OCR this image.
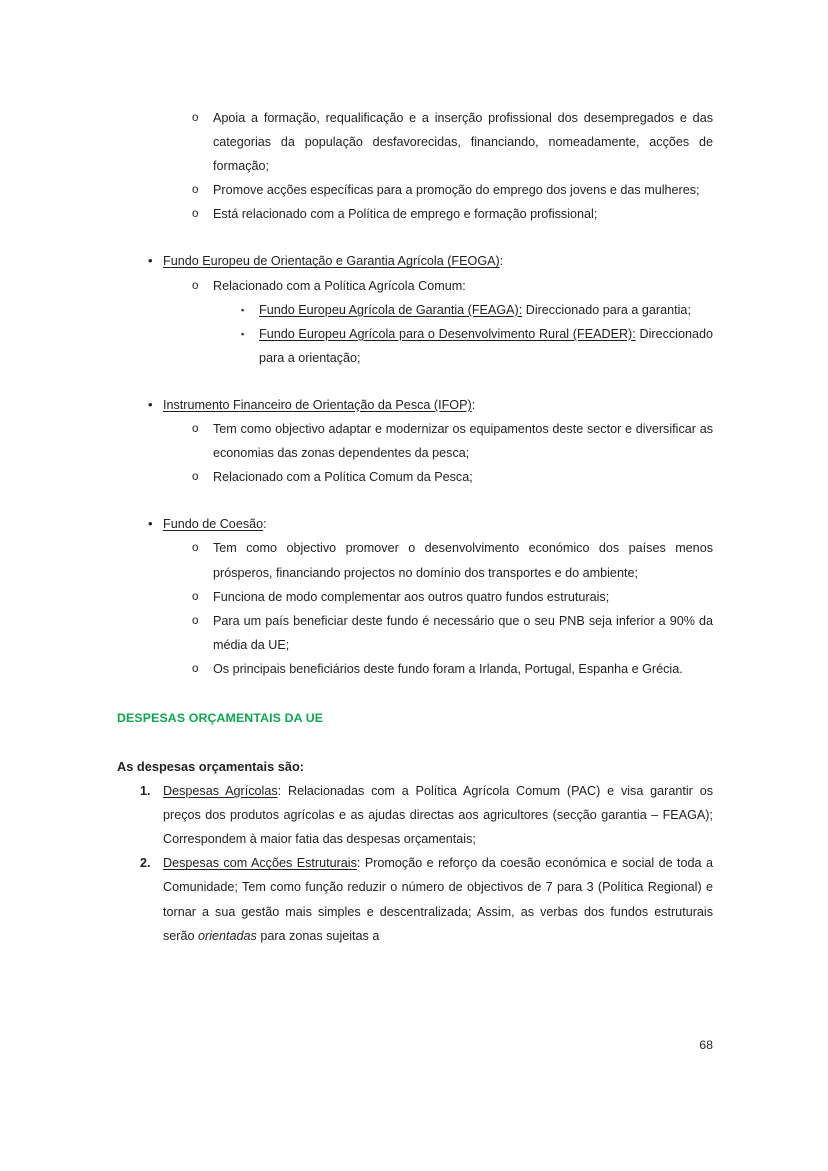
o	Apoia a formação, requalificação e a inserção profissional dos desempregados e das categorias da população desfavorecidas, financiando, nomeadamente, acções de formação;
o	Promove acções específicas para a promoção do emprego dos jovens e das mulheres;
o	Está relacionado com a Política de emprego e formação profissional;
• Fundo Europeu de Orientação e Garantia Agrícola (FEOGA):
o	Relacionado com a Política Agrícola Comum:
▪	Fundo Europeu Agrícola de Garantia (FEAGA): Direccionado para a garantia;
▪	Fundo Europeu Agrícola para o Desenvolvimento Rural (FEADER): Direccionado para a orientação;
• Instrumento Financeiro de Orientação da Pesca (IFOP):
o	Tem como objectivo adaptar e modernizar os equipamentos deste sector e diversificar as economias das zonas dependentes da pesca;
o	Relacionado com a Política Comum da Pesca;
• Fundo de Coesão:
o	Tem como objectivo promover o desenvolvimento económico dos países menos prósperos, financiando projectos no domínio dos transportes e do ambiente;
o	Funciona de modo complementar aos outros quatro fundos estruturais;
o	Para um país beneficiar deste fundo é necessário que o seu PNB seja inferior a 90% da média da UE;
o	Os principais beneficiários deste fundo foram a Irlanda, Portugal, Espanha e Grécia.
DESPESAS ORÇAMENTAIS DA UE

As despesas orçamentais são:

1. Despesas Agrícolas: Relacionadas com a Política Agrícola Comum (PAC) e visa garantir os preços dos produtos agrícolas e as ajudas directas aos agricultores (secção garantia – FEAGA); Correspondem à maior fatia das despesas orçamentais;
2. Despesas com Acções Estruturais: Promoção e reforço da coesão económica e social de toda a Comunidade; Tem como função reduzir o número de objectivos de 7 para 3 (Política Regional) e tornar a sua gestão mais simples e descentralizada; Assim, as verbas dos fundos estruturais serão orientadas para zonas sujeitas a
68
